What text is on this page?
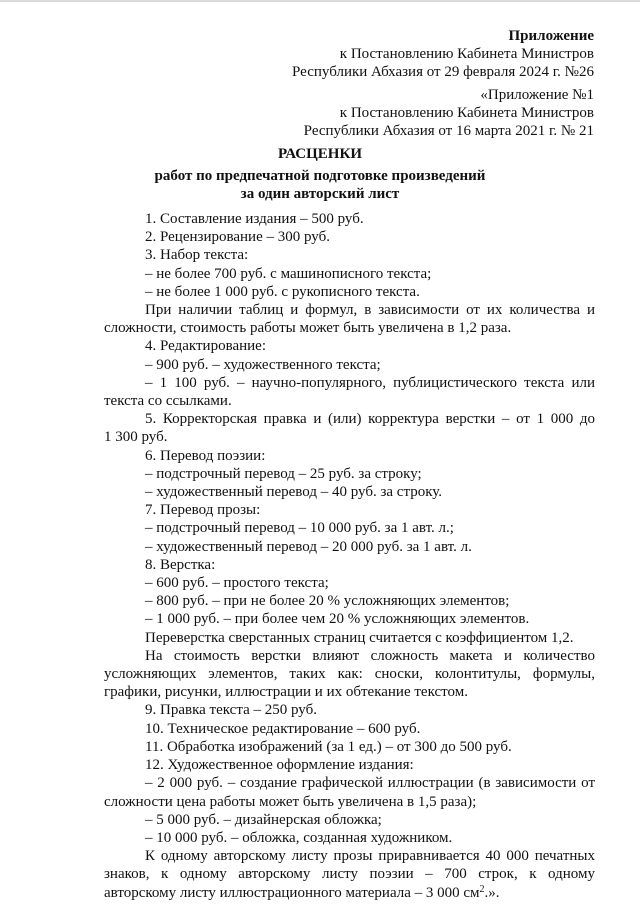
Приложение
к Постановлению Кабинета Министров
Республики Абхазия от 29 февраля 2024 г. №26
«Приложение №1
к Постановлению Кабинета Министров
Республики Абхазия от 16 марта 2021 г. № 21
РАСЦЕНКИ
работ по предпечатной подготовке произведений
за один авторский лист
1. Составление издания – 500 руб.
2. Рецензирование – 300 руб.
3. Набор текста:
– не более 700 руб. с машинописного текста;
– не более 1 000 руб. с рукописного текста.
При наличии таблиц и формул, в зависимости от их количества и
сложности, стоимость работы может быть увеличена в 1,2 раза.
4. Редактирование:
– 900 руб. – художественного текста;
– 1 100 руб. – научно-популярного, публицистического текста или
текста со ссылками.
5. Корректорская правка и (или) корректура верстки – от 1 000 до
1 300 руб.
6. Перевод поэзии:
– подстрочный перевод – 25 руб. за строку;
– художественный перевод – 40 руб. за строку.
7. Перевод прозы:
– подстрочный перевод – 10 000 руб. за 1 авт. л.;
– художественный перевод – 20 000 руб. за 1 авт. л.
8. Верстка:
– 600 руб. – простого текста;
– 800 руб. – при не более 20 % усложняющих элементов;
– 1 000 руб. – при более чем 20 % усложняющих элементов.
Переверстка сверстанных страниц считается с коэффициентом 1,2.
На стоимость верстки влияют сложность макета и количество
усложняющих элементов, таких как: сноски, колонтитулы, формулы,
графики, рисунки, иллюстрации и их обтекание текстом.
9. Правка текста – 250 руб.
10. Техническое редактирование – 600 руб.
11. Обработка изображений (за 1 ед.) – от 300 до 500 руб.
12. Художественное оформление издания:
– 2 000 руб. – создание графической иллюстрации (в зависимости от
сложности цена работы может быть увеличена в 1,5 раза);
– 5 000 руб. – дизайнерская обложка;
– 10 000 руб. – обложка, созданная художником.
К одному авторскому листу прозы приравнивается 40 000 печатных
знаков, к одному авторскому листу поэзии – 700 строк, к одному
авторскому листу иллюстрационного материала – 3 000 $см^2$.».
